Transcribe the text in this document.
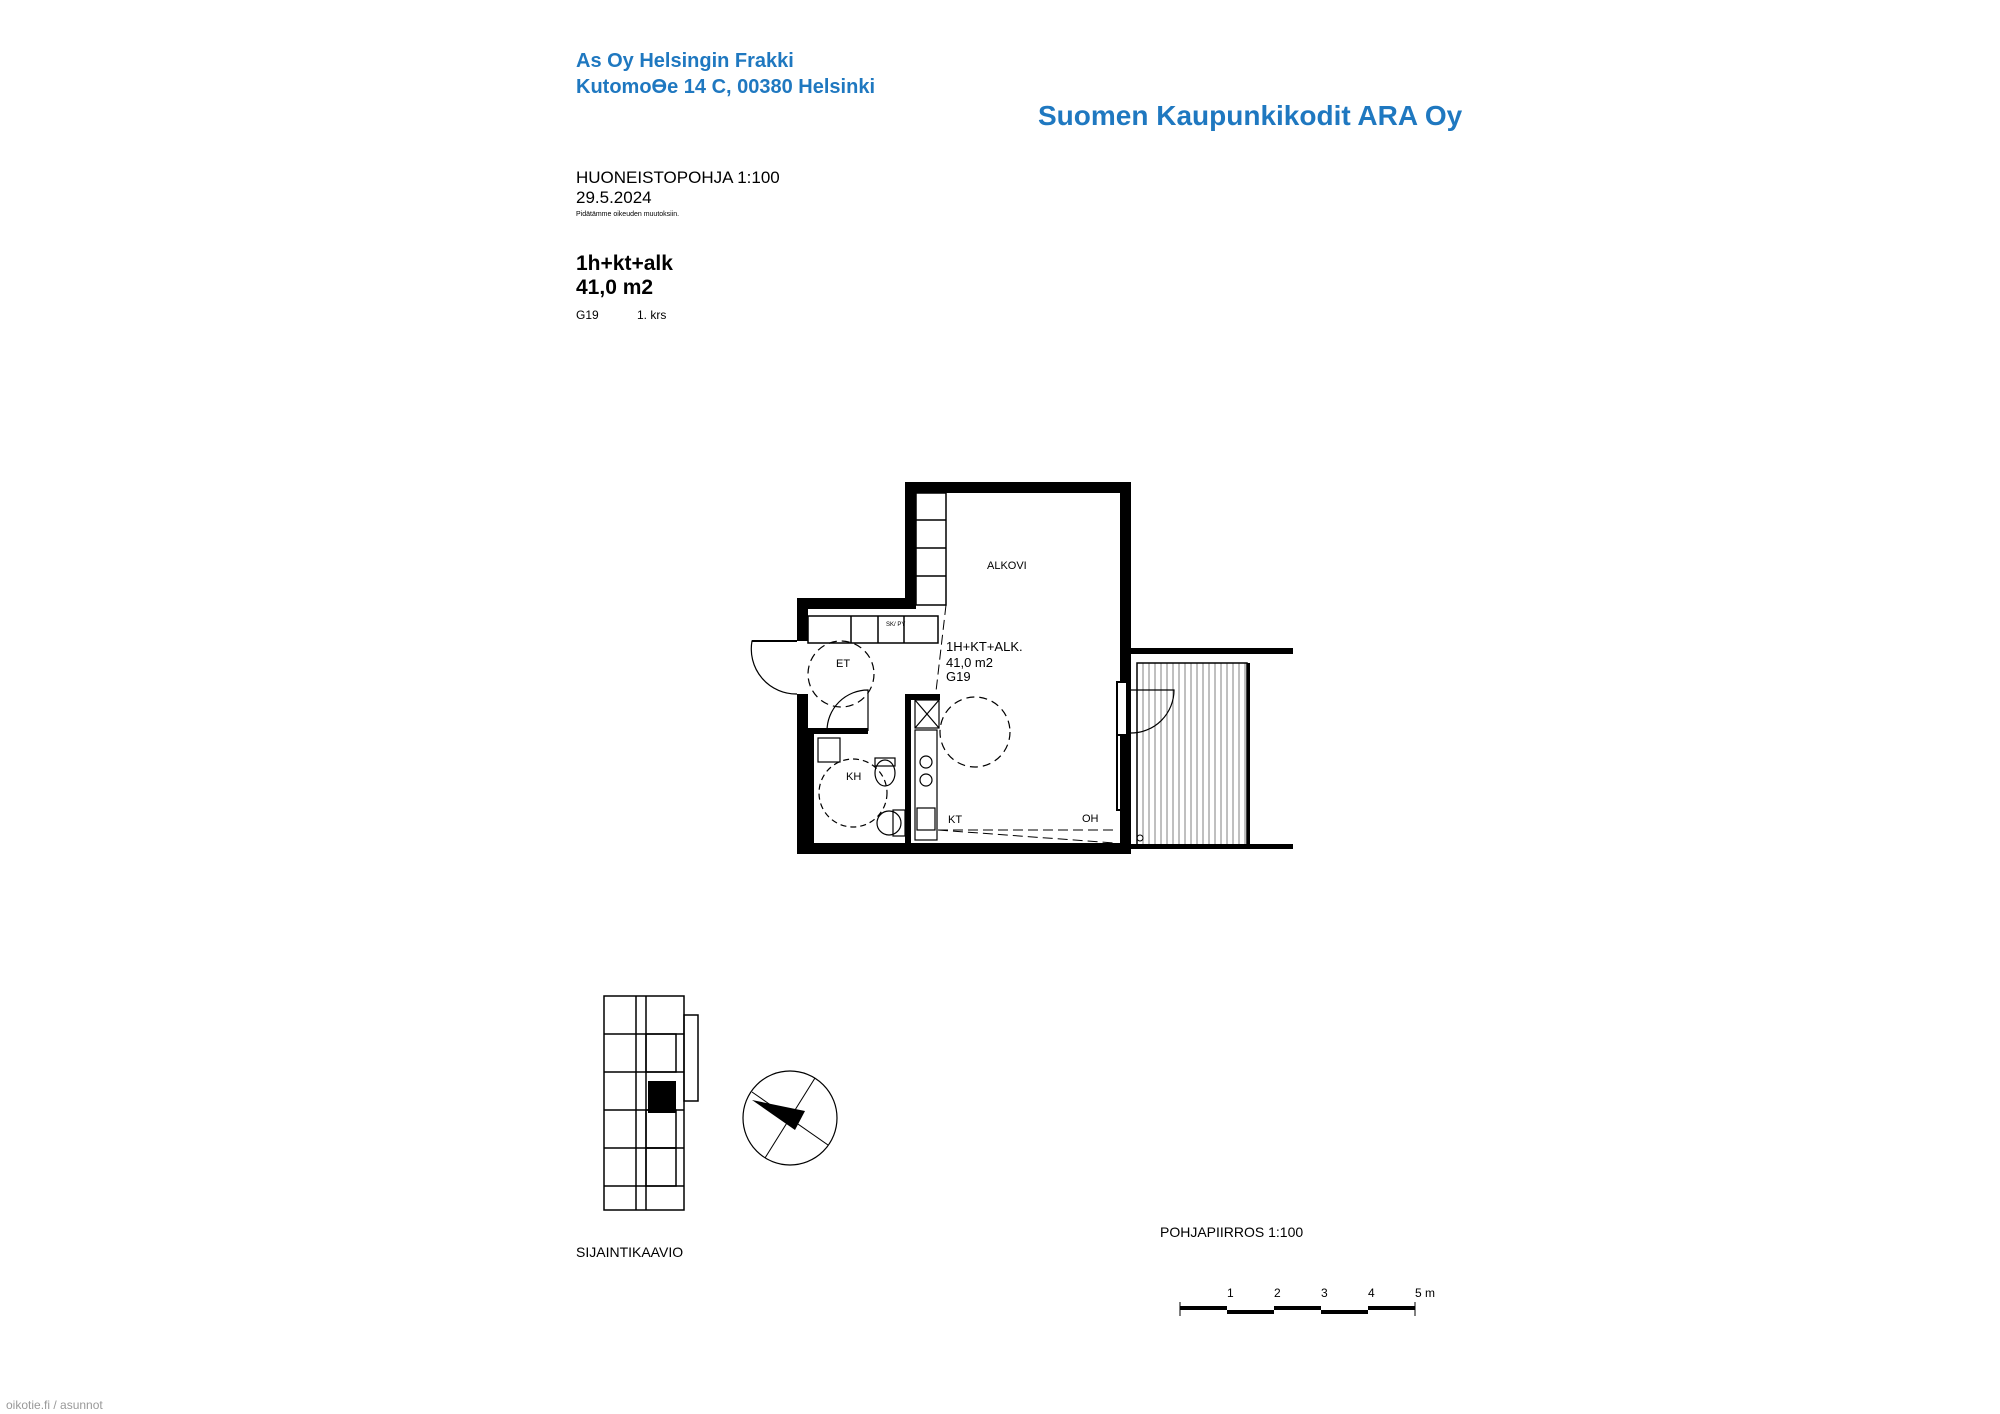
As Oy Helsingin Frakki
KutomoӨe 14 C, 00380 Helsinki
Suomen Kaupunkikodit ARA Oy
HUONEISTOPOHJA 1:100
29.5.2024
Pidätämme oikeuden muutoksiin.
1h+kt+alk
41,0 m2
G19	1. krs
ALKOVI
1H+KT+ALK.
41,0 m2
G19
ET
KH
KT	OH
SK/ PY
1	2	3	4	5 m
SIJAINTIKAAVIO
POHJAPIIRROS 1:100
oikotie.fi / asunnot
